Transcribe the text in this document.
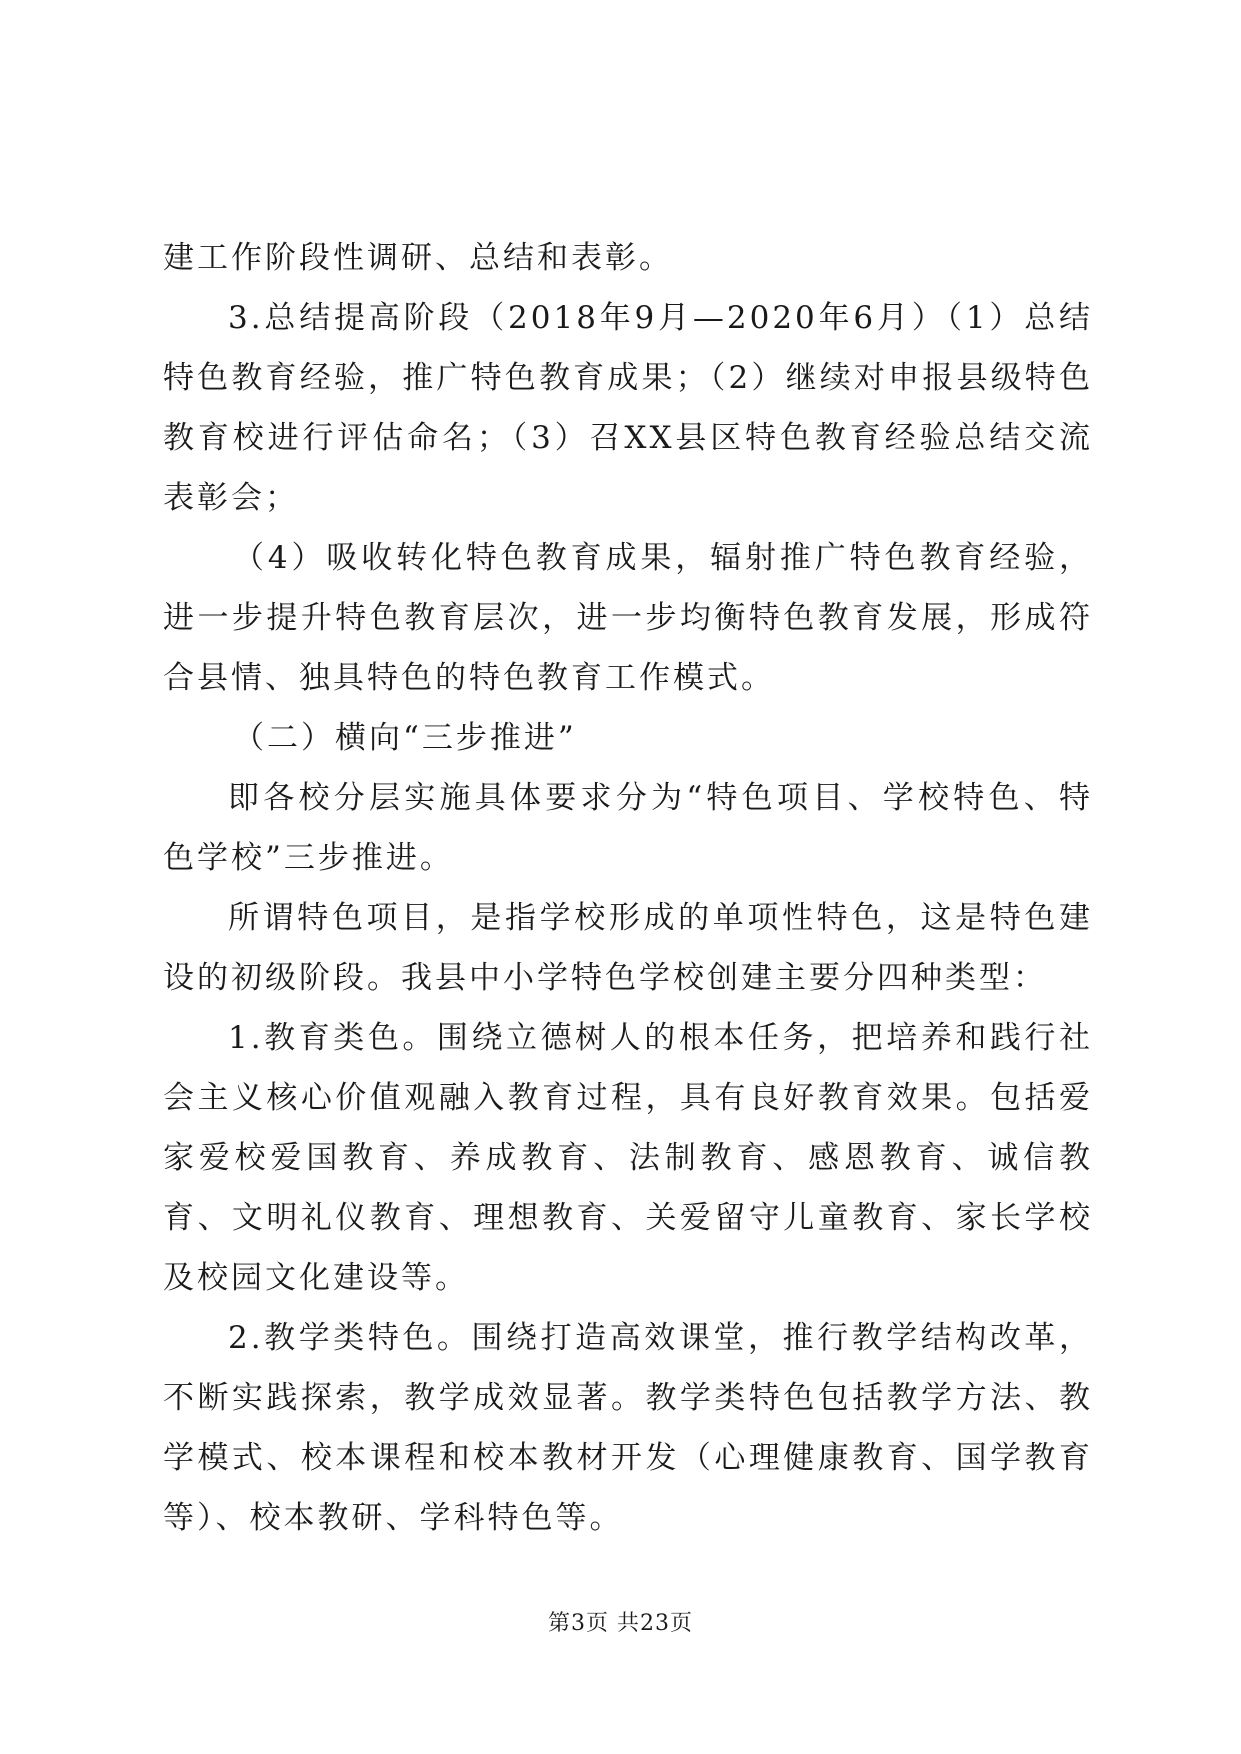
建工作阶段性调研、总结和表彰。

3.总结提高阶段（2018年9月—2020年6月）（1）总结特色教育经验，推广特色教育成果；（2）继续对申报县级特色教育校进行评估命名；（3）召XX县区特色教育经验总结交流表彰会；

（4）吸收转化特色教育成果，辐射推广特色教育经验，进一步提升特色教育层次，进一步均衡特色教育发展，形成符合县情、独具特色的特色教育工作模式。

（二）横向“三步推进”

即各校分层实施具体要求分为“特色项目、学校特色、特色学校”三步推进。

所谓特色项目，是指学校形成的单项性特色，这是特色建设的初级阶段。我县中小学特色学校创建主要分四种类型：

1.教育类色。围绕立德树人的根本任务，把培养和践行社会主义核心价值观融入教育过程，具有良好教育效果。包括爱家爱校爱国教育、养成教育、法制教育、感恩教育、诚信教育、文明礼仪教育、理想教育、关爱留守儿童教育、家长学校及校园文化建设等。

2.教学类特色。围绕打造高效课堂，推行教学结构改革，不断实践探索，教学成效显著。教学类特色包括教学方法、教学模式、校本课程和校本教材开发（心理健康教育、国学教育等）、校本教研、学科特色等。

第3页 共23页
